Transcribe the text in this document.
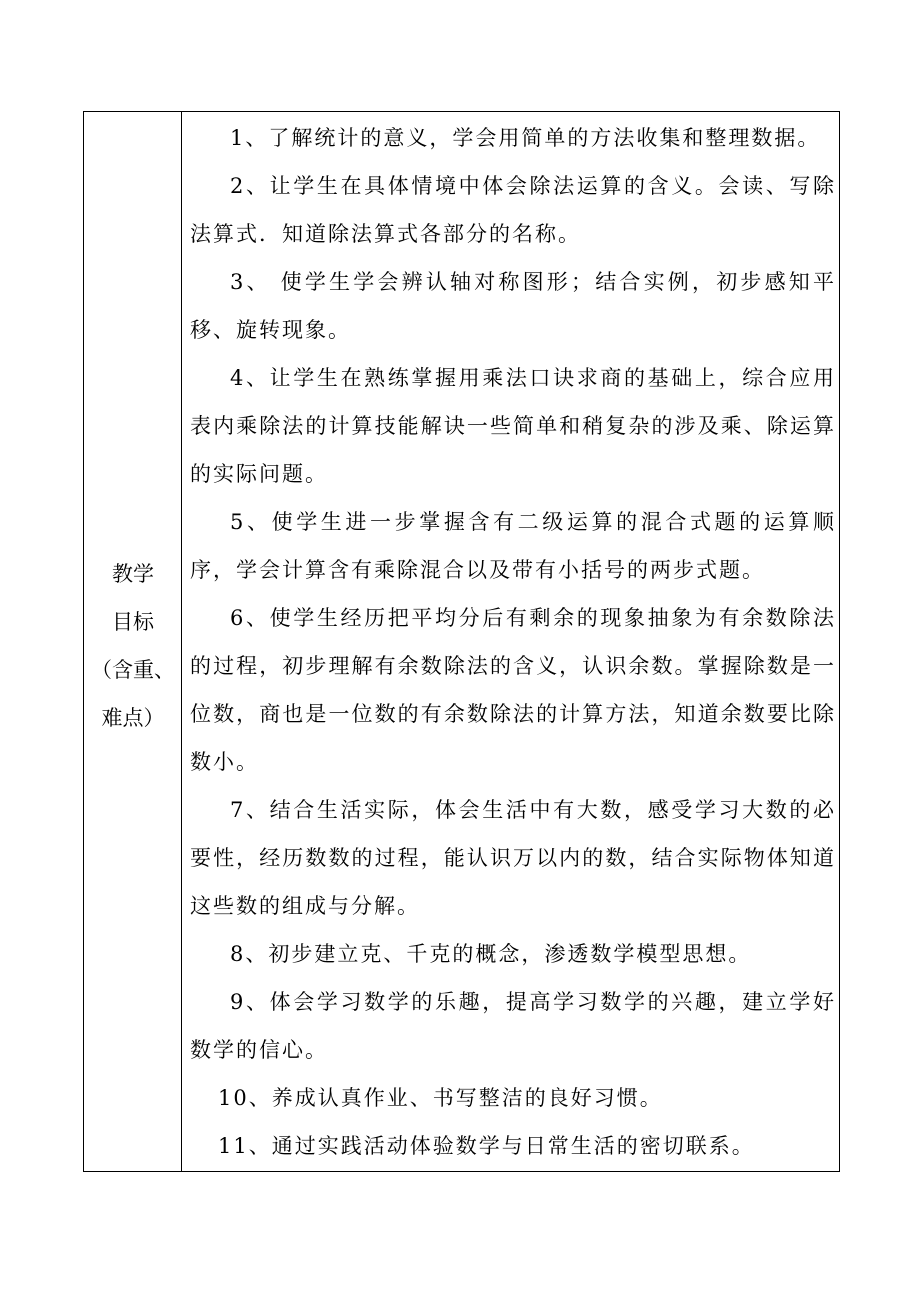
教学
目标
（含重、
难点）
1、了解统计的意义，学会用简单的方法收集和整理数据。
2、让学生在具体情境中体会除法运算的含义。会读、写除法算式．知道除法算式各部分的名称。
3、 使学生学会辨认轴对称图形；结合实例，初步感知平移、旋转现象。
4、让学生在熟练掌握用乘法口诀求商的基础上，综合应用表内乘除法的计算技能解诀一些简单和稍复杂的涉及乘、除运算的实际问题。
5、使学生进一步掌握含有二级运算的混合式题的运算顺序，学会计算含有乘除混合以及带有小括号的两步式题。
6、使学生经历把平均分后有剩余的现象抽象为有余数除法的过程，初步理解有余数除法的含义，认识余数。掌握除数是一位数，商也是一位数的有余数除法的计算方法，知道余数要比除数小。
7、结合生活实际，体会生活中有大数，感受学习大数的必要性，经历数数的过程，能认识万以内的数，结合实际物体知道这些数的组成与分解。
8、初步建立克、千克的概念，渗透数学模型思想。
9、体会学习数学的乐趣，提高学习数学的兴趣，建立学好数学的信心。
10、养成认真作业、书写整洁的良好习惯。
11、通过实践活动体验数学与日常生活的密切联系。
